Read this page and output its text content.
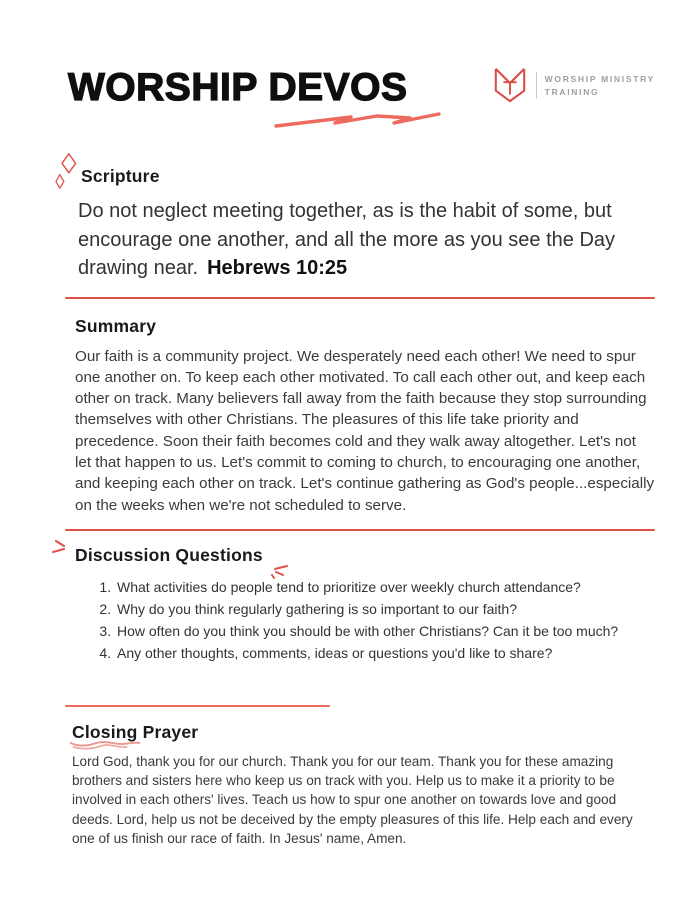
WORSHIP DEVOS	WORSHIP MINISTRY
TRAINING
Scripture

Do not neglect meeting together, as is the habit of some, but encourage one another, and all the more as you see the Day drawing near. Hebrews 10:25

Summary

Our faith is a community project. We desperately need each other! We need to spur one another on. To keep each other motivated. To call each other out, and keep each other on track. Many believers fall away from the faith because they stop surrounding themselves with other Christians. The pleasures of this life take priority and precedence. Soon their faith becomes cold and they walk away altogether. Let's not let that happen to us. Let's commit to coming to church, to encouraging one another, and keeping each other on track. Let's continue gathering as God's people...especially on the weeks when we're not scheduled to serve.

Discussion Questions
1. What activities do people tend to prioritize over weekly church attendance?
2. Why do you think regularly gathering is so important to our faith?
3. How often do you think you should be with other Christians? Can it be too much?
4. Any other thoughts, comments, ideas or questions you'd like to share?
Closing Prayer

Lord God, thank you for our church. Thank you for our team. Thank you for these amazing brothers and sisters here who keep us on track with you. Help us to make it a priority to be involved in each others' lives. Teach us how to spur one another on towards love and good deeds. Lord, help us not be deceived by the empty pleasures of this life. Help each and every one of us finish our race of faith. In Jesus' name, Amen.
